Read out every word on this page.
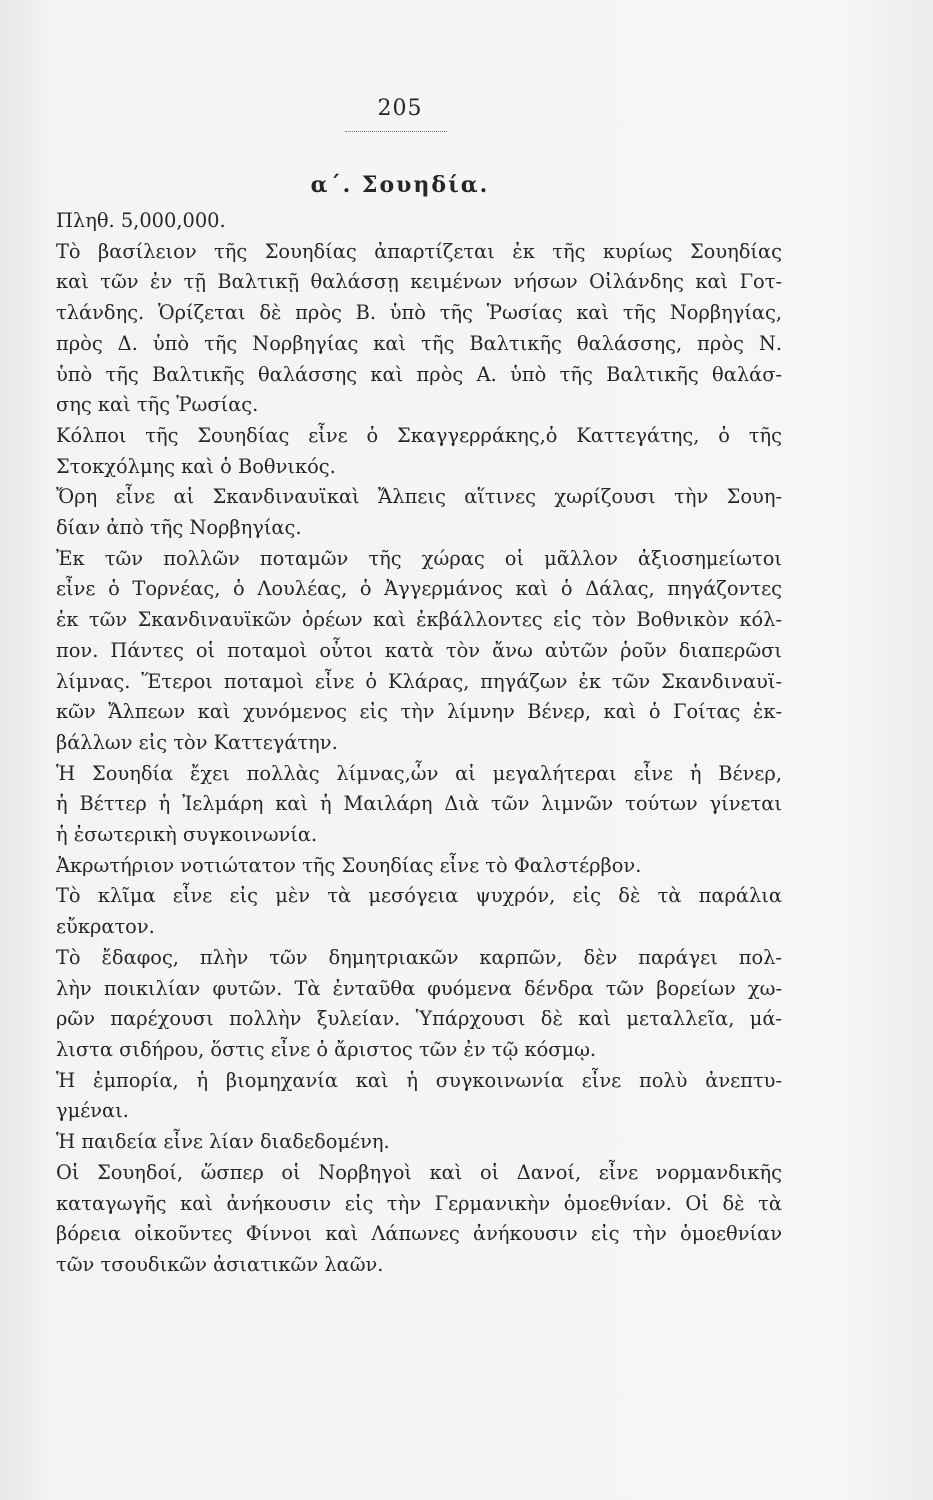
205
α΄. Σουηδία.
Πληθ. 5,000,000.
Τὸ βασίλειον τῆς Σουηδίας ἀπαρτίζεται ἐκ τῆς κυρίως Σουηδίας
καὶ τῶν ἐν τῇ Βαλτικῇ θαλάσσῃ κειμένων νήσων Οἰλάνδης καὶ Γοτ-
τλάνδης. Ὁρίζεται δὲ πρὸς Β. ὑπὸ τῆς Ῥωσίας καὶ τῆς Νορβηγίας,
πρὸς Δ. ὑπὸ τῆς Νορβηγίας καὶ τῆς Βαλτικῆς θαλάσσης, πρὸς Ν.
ὑπὸ τῆς Βαλτικῆς θαλάσσης καὶ πρὸς Α. ὑπὸ τῆς Βαλτικῆς θαλάσ-
σης καὶ τῆς Ῥωσίας.
Κόλποι τῆς Σουηδίας εἶνε ὁ Σκαγγερράκης,ὁ Καττεγάτης, ὁ τῆς
Στοκχόλμης καὶ ὁ Βοθνικός.
Ὄρη εἶνε αἱ Σκανδιναυϊκαὶ Ἄλπεις αἵτινες χωρίζουσι τὴν Σουη-
δίαν ἀπὸ τῆς Νορβηγίας.
Ἐκ τῶν πολλῶν ποταμῶν τῆς χώρας οἱ μᾶλλον ἀξιοσημείωτοι
εἶνε ὁ Τορνέας, ὁ Λουλέας, ὁ Ἀγγερμάνος καὶ ὁ Δάλας, πηγάζοντες
ἐκ τῶν Σκανδιναυϊκῶν ὀρέων καὶ ἐκβάλλοντες εἰς τὸν Βοθνικὸν κόλ-
πον. Πάντες οἱ ποταμοὶ οὗτοι κατὰ τὸν ἄνω αὐτῶν ῥοῦν διαπερῶσι
λίμνας. Ἕτεροι ποταμοὶ εἶνε ὁ Κλάρας, πηγάζων ἐκ τῶν Σκανδιναυϊ-
κῶν Ἄλπεων καὶ χυνόμενος εἰς τὴν λίμνην Βένερ, καὶ ὁ Γοίτας ἐκ-
βάλλων εἰς τὸν Καττεγάτην.
Ἡ Σουηδία ἔχει πολλὰς λίμνας,ὧν αἱ μεγαλήτεραι εἶνε ἡ Βένερ,
ἡ Βέττερ ἡ Ἰελμάρη καὶ ἡ Μαιλάρη Διὰ τῶν λιμνῶν τούτων γίνεται
ἡ ἐσωτερικὴ συγκοινωνία.
Ἀκρωτήριον νοτιώτατον τῆς Σουηδίας εἶνε τὸ Φαλστέρβον.
Τὸ κλῖμα εἶνε εἰς μὲν τὰ μεσόγεια ψυχρόν, εἰς δὲ τὰ παράλια
εὔκρατον.
Τὸ ἔδαφος, πλὴν τῶν δημητριακῶν καρπῶν, δὲν παράγει πολ-
λὴν ποικιλίαν φυτῶν. Τὰ ἐνταῦθα φυόμενα δένδρα τῶν βορείων χω-
ρῶν παρέχουσι πολλὴν ξυλείαν. Ὑπάρχουσι δὲ καὶ μεταλλεῖα, μά-
λιστα σιδήρου, ὅστις εἶνε ὁ ἄριστος τῶν ἐν τῷ κόσμῳ.
Ἡ ἐμπορία, ἡ βιομηχανία καὶ ἡ συγκοινωνία εἶνε πολὺ ἀνεπτυ-
γμέναι.
Ἡ παιδεία εἶνε λίαν διαδεδομένη.
Οἱ Σουηδοί, ὥσπερ οἱ Νορβηγοὶ καὶ οἱ Δανοί, εἶνε νορμανδικῆς
καταγωγῆς καὶ ἀνήκουσιν εἰς τὴν Γερμανικὴν ὁμοεθνίαν. Οἱ δὲ τὰ
βόρεια οἰκοῦντες Φίννοι καὶ Λάπωνες ἀνήκουσιν εἰς τὴν ὁμοεθνίαν
τῶν τσουδικῶν ἀσιατικῶν λαῶν.
